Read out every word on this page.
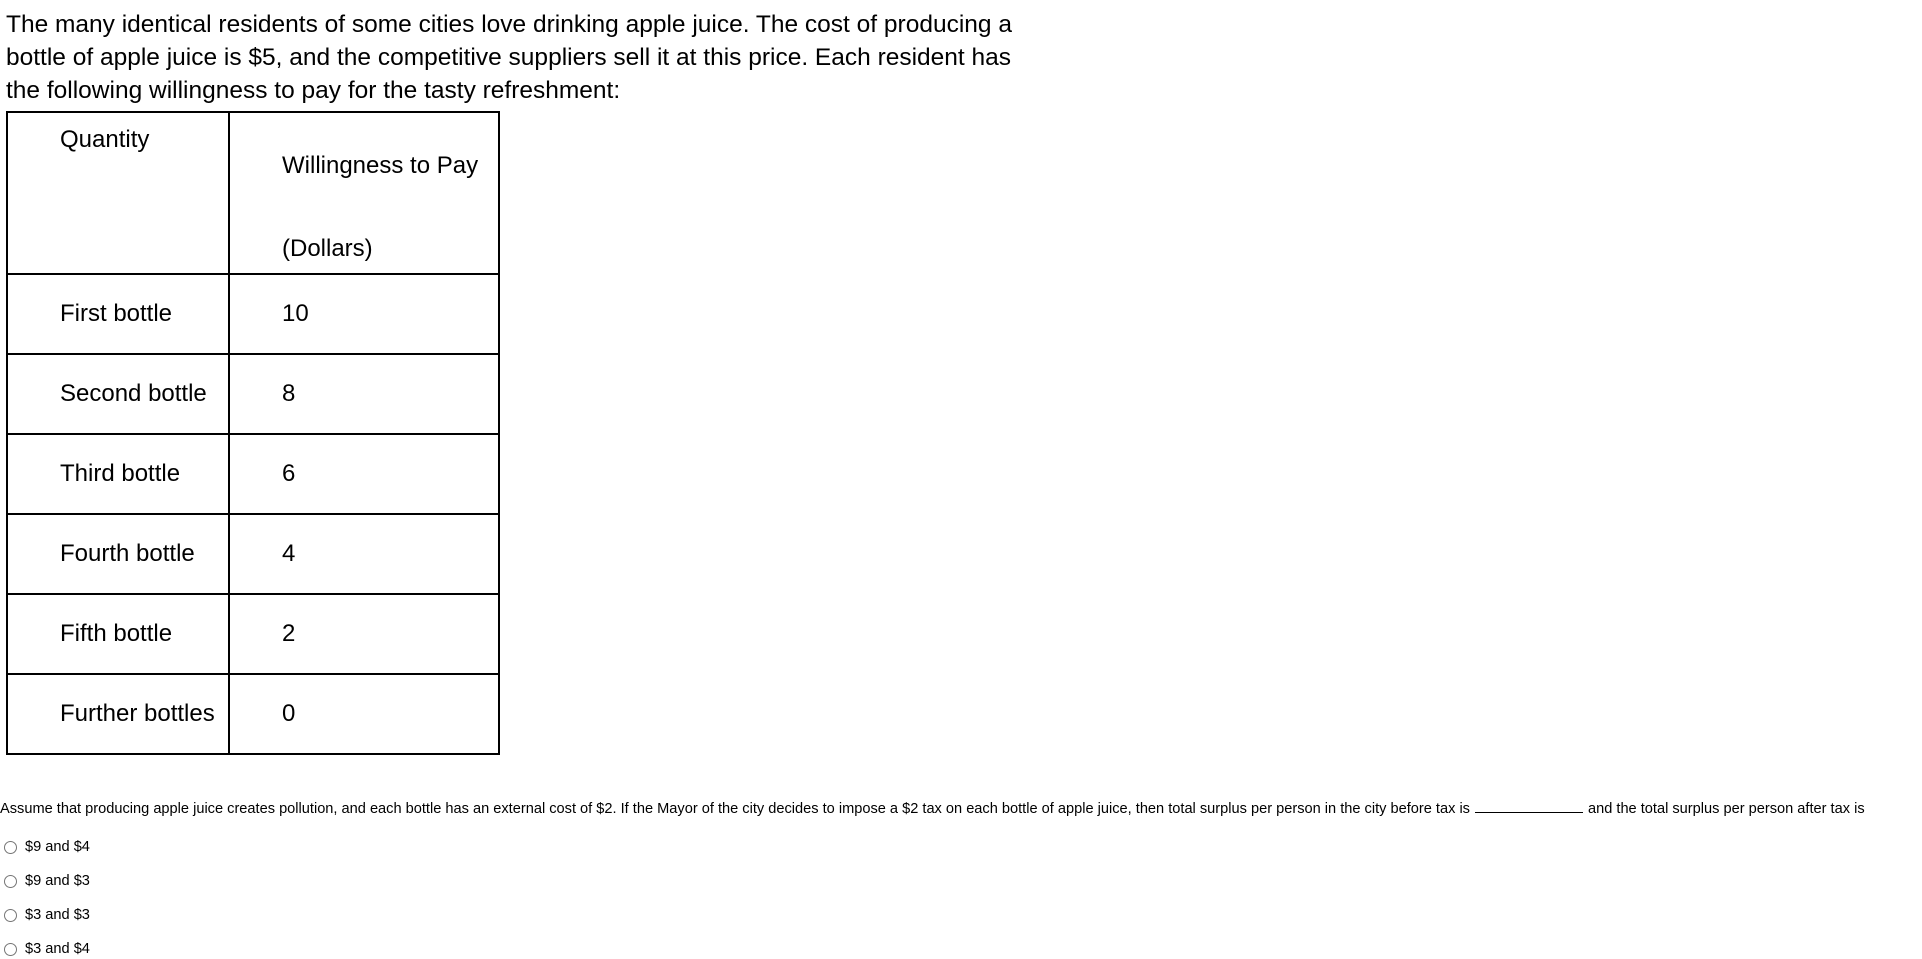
The many identical residents of some cities love drinking apple juice. The cost of producing a bottle of apple juice is $5, and the competitive suppliers sell it at this price. Each resident has the following willingness to pay for the tasty refreshment:

Quantity	Willingness to Pay
(Dollars)

First bottle	10
Second bottle	8
Third bottle	6
Fourth bottle	4
Fifth bottle	2
Further bottles	0

Assume that producing apple juice creates pollution, and each bottle has an external cost of $2. If the Mayor of the city decides to impose a $2 tax on each bottle of apple juice, then total surplus per person in the city before tax is	and the total surplus per person after tax is

$9 and $4
$9 and $3
$3 and $3
$3 and $4
